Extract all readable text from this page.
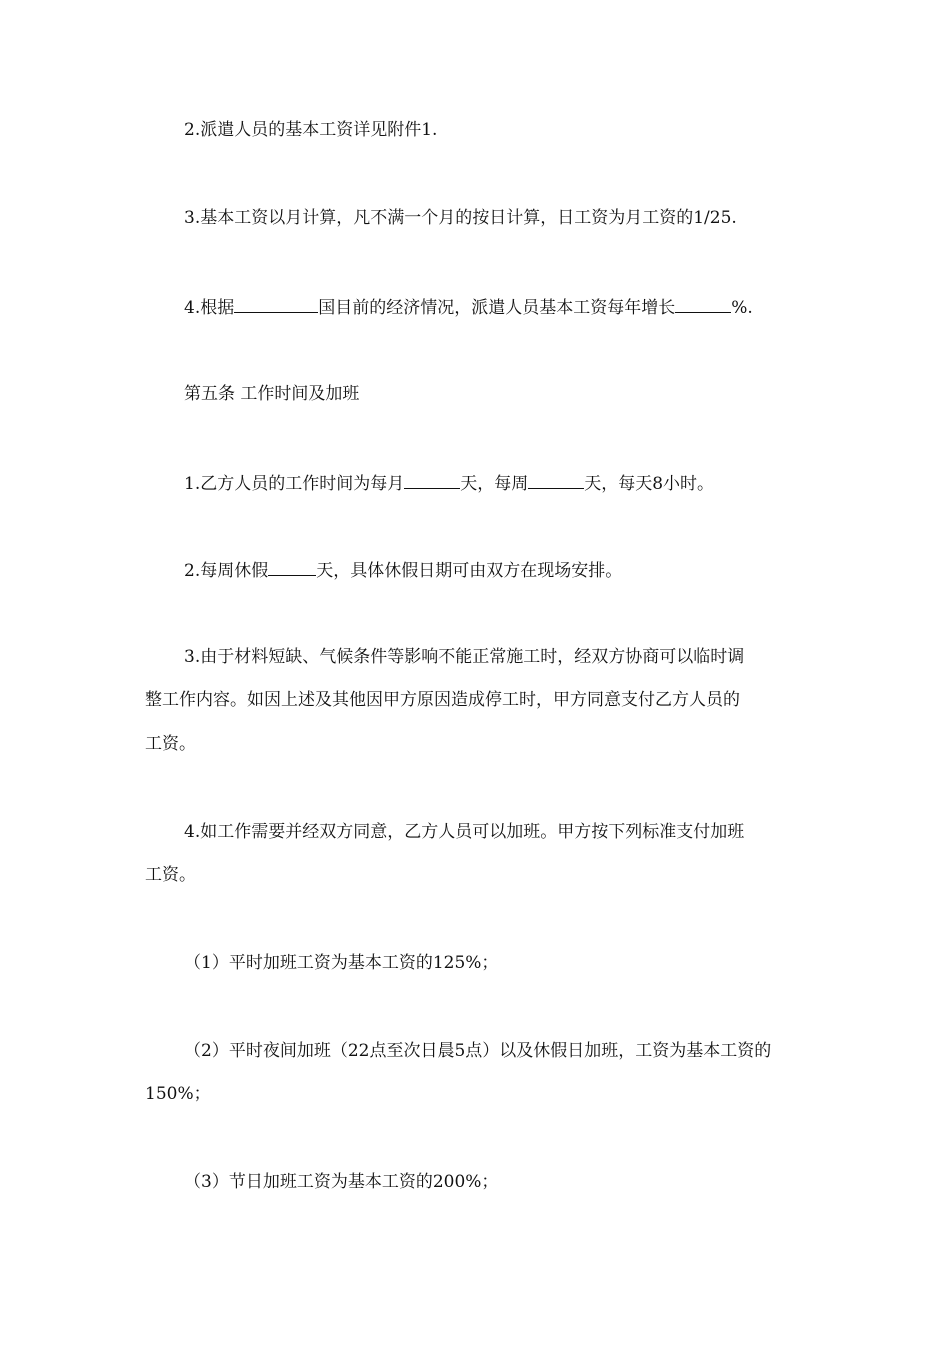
2.派遣人员的基本工资详见附件1.
3.基本工资以月计算，凡不满一个月的按日计算，日工资为月工资的1/25.
4.根据	国目前的经济情况，派遣人员基本工资每年增长	%.
第五条 工作时间及加班
1.乙方人员的工作时间为每月	天，每周	天，每天8小时。
2.每周休假	天，具体休假日期可由双方在现场安排。
3.由于材料短缺、气候条件等影响不能正常施工时，经双方协商可以临时调
整工作内容。如因上述及其他因甲方原因造成停工时，甲方同意支付乙方人员的
工资。
4.如工作需要并经双方同意，乙方人员可以加班。甲方按下列标准支付加班
工资。
（1）平时加班工资为基本工资的125%；
（2）平时夜间加班（22点至次日晨5点）以及休假日加班，工资为基本工资的
150%；
（3）节日加班工资为基本工资的200%；
